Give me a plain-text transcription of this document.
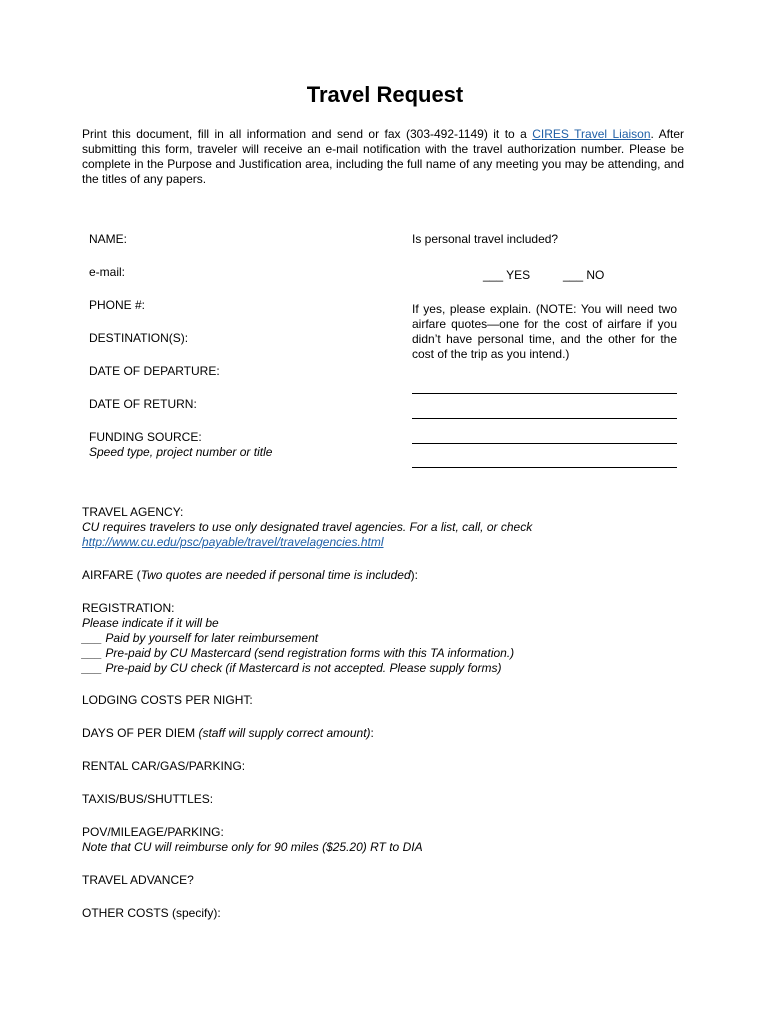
Travel Request

Print this document, fill in all information and send or fax (303-492-1149) it to a CIRES Travel Liaison. After submitting this form, traveler will receive an e-mail notification with the travel authorization number. Please be complete in the Purpose and Justification area, including the full name of any meeting you may be attending, and the titles of any papers.

NAME:

e-mail:

PHONE #:

DESTINATION(S):

DATE OF DEPARTURE:

DATE OF RETURN:

FUNDING SOURCE:
Speed type, project number or title

Is personal travel included?

___ YES	___ NO

If yes, please explain. (NOTE: You will need two airfare quotes—one for the cost of airfare if you didn’t have personal time, and the other for the cost of the trip as you intend.)

TRAVEL AGENCY:
CU requires travelers to use only designated travel agencies. For a list, call, or check
http://www.cu.edu/psc/payable/travel/travelagencies.html

AIRFARE (Two quotes are needed if personal time is included):

REGISTRATION:
Please indicate if it will be
___ Paid by yourself for later reimbursement
___ Pre-paid by CU Mastercard (send registration forms with this TA information.)
___ Pre-paid by CU check (if Mastercard is not accepted. Please supply forms)

LODGING COSTS PER NIGHT:

DAYS OF PER DIEM (staff will supply correct amount):

RENTAL CAR/GAS/PARKING:

TAXIS/BUS/SHUTTLES:

POV/MILEAGE/PARKING:
Note that CU will reimburse only for 90 miles ($25.20) RT to DIA

TRAVEL ADVANCE?

OTHER COSTS (specify):
